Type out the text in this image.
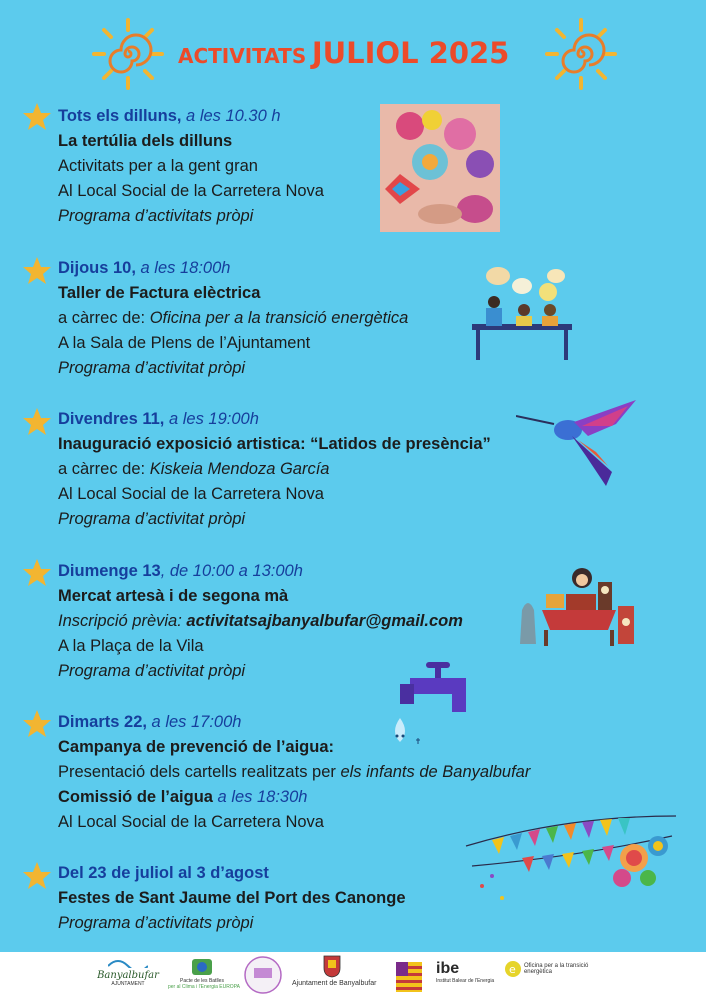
ACTIVITATS JULIOL 2025
Tots els dilluns, a les 10.30 h
La tertúlia dels dilluns
Activitats per a la gent gran
Al Local Social de la Carretera Nova
Programa d’activitats pròpi
Dijous 10, a les 18:00h
Taller de Factura elèctrica
a càrrec de: Oficina per a la transició energètica
A la Sala de Plens de l’Ajuntament
Programa d’activitat pròpi
Divendres 11, a les 19:00h
Inauguració exposició artistica: “Latidos de presència”
a càrrec de: Kiskeia Mendoza García
Al Local Social de la Carretera Nova
Programa d’activitat pròpi
Diumenge 13, de 10:00 a 13:00h
Mercat artesà i de segona mà
Inscripció prèvia: activitatsajbanyalbufar@gmail.com
A la Plaça de la Vila
Programa d’activitat pròpi
Dimarts 22, a les 17:00h
Campanya de prevenció de l’aigua:
Presentació dels cartells realitzats per els infants de Banyalbufar
Comissió de l’aigua a les 18:30h
Al Local Social de la Carretera Nova
Del 23 de juliol al 3 d’agost
Festes de Sant Jaume del Port des Canonge
Programa d’activitats pròpi
Banyalbufar
AJUNTAMENT	Pacte de les Batlles
per al Clima i l'Energia EUROPA	Ajuntament de Banyalbufar
ibe
Institut Balear de l'Energia
e Oficina per a la transició energètica
